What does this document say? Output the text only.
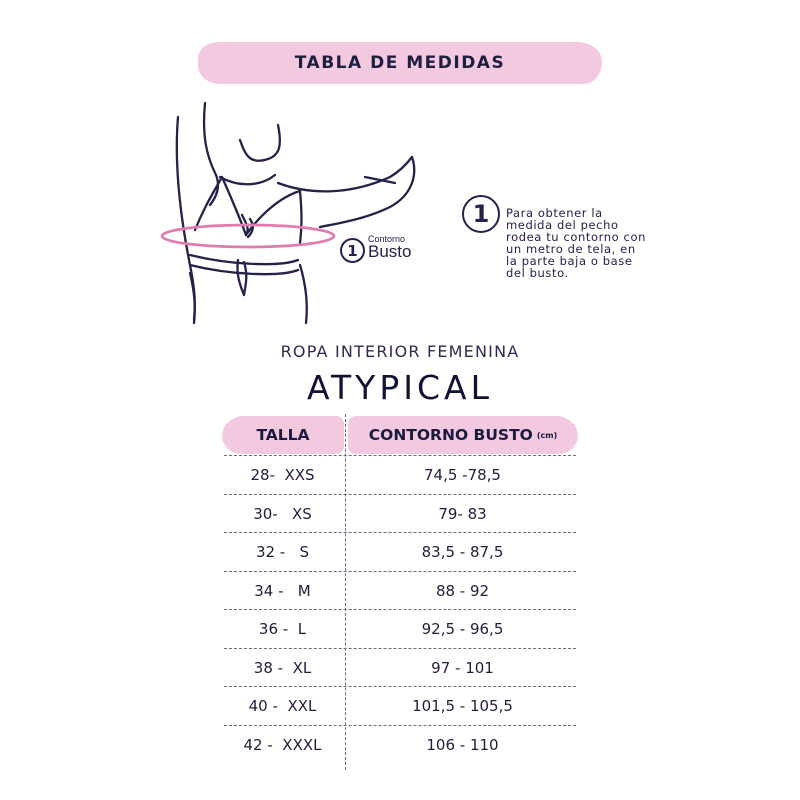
TABLA DE MEDIDAS
1
Contorno
Busto
1	Para obtener la medida del pecho rodea tu contorno con un metro de tela, en la parte baja o base del busto.
ROPA INTERIOR FEMENINA
ATYPICAL
TALLA	CONTORNO BUSTO (cm)
28-  XXS	74,5 -78,5
30-   XS	79- 83
32 -   S	83,5 - 87,5
34 -   M	88 - 92
36 -  L	92,5 - 96,5
38 -  XL	97 - 101
40 -  XXL	101,5 - 105,5
42 -  XXXL	106 - 110
